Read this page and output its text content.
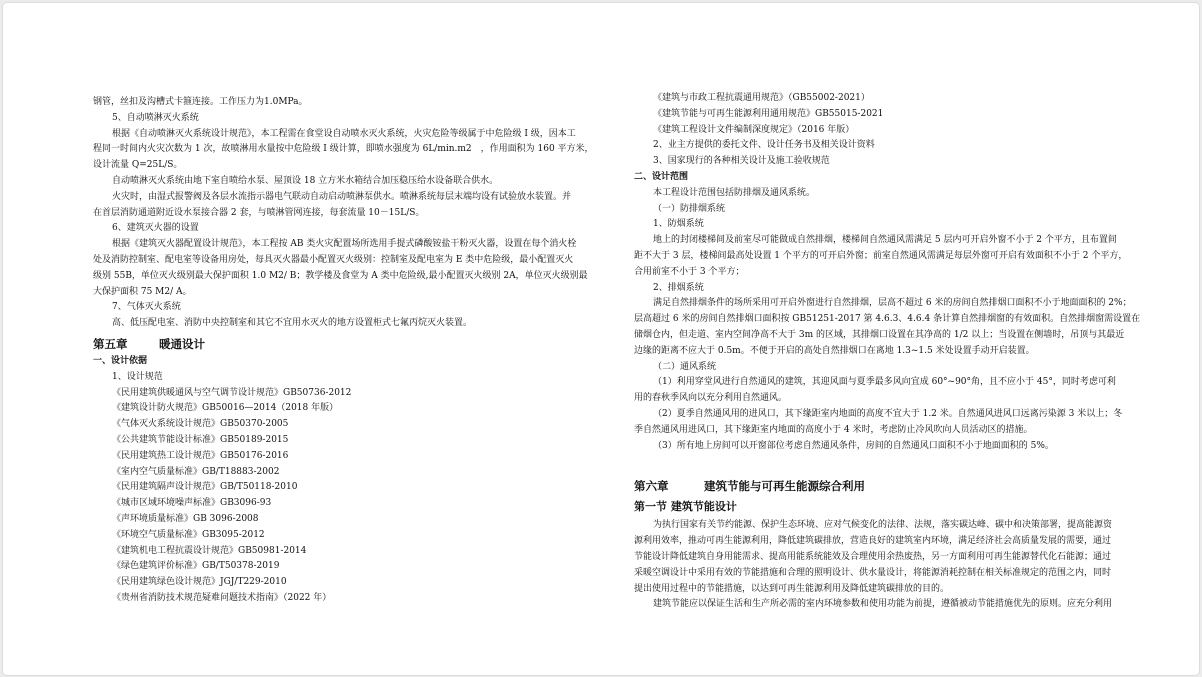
钢管，丝扣及沟槽式卡箍连接。工作压力为1.0MPa。
5、自动喷淋灭火系统
根据《自动喷淋灭火系统设计规范》，本工程需在食堂设自动喷水灭火系统，火灾危险等级属于中危险级 I 级，因本工
程同一时间内火灾次数为 1 次，故喷淋用水量按中危险级 I 级计算，即喷水强度为 6L/min.m2　，作用面积为 160 平方米，
设计流量 Q=25L/S。
自动喷淋灭火系统由地下室自喷给水泵、屋顶设 18 立方米水箱结合加压稳压给水设备联合供水。
火灾时，由湿式报警阀及各层水流指示器电气联动自动启动喷淋泵供水。喷淋系统每层末端均设有试验放水装置。并
在首层消防通道附近设水泵接合器 2 套，与喷淋管网连接，每套流量 10－15L/S。
6、建筑灭火器的设置
根据《建筑灭火器配置设计规范》，本工程按 AB 类火灾配置场所选用手提式磷酸铵盐干粉灭火器，设置在每个消火栓
处及消防控制室、配电室等设备用房处，每具灭火器最小配置灭火级别：控制室及配电室为 E 类中危险级，最小配置灭火
级别 55B，单位灭火级别最大保护面积 1.0 M2/ B；教学楼及食堂为 A 类中危险级,最小配置灭火级别 2A，单位灭火级别最
大保护面积 75 M2/ A。
7、气体灭火系统
高、低压配电室、消防中央控制室和其它不宜用水灭火的地方设置柜式七氟丙烷灭火装置。
第五章	暖通设计
一、设计依据
1、设计规范
《民用建筑供暖通风与空气调节设计规范》GB50736-2012
《建筑设计防火规范》GB50016—2014（2018 年版）
《气体灭火系统设计规范》GB50370-2005
《公共建筑节能设计标准》GB50189-2015
《民用建筑热工设计规范》GB50176-2016
《室内空气质量标准》GB/T18883-2002
《民用建筑隔声设计规范》GB/T50118-2010
《城市区域环境噪声标准》GB3096-93
《声环境质量标准》GB 3096-2008
《环境空气质量标准》GB3095-2012
《建筑机电工程抗震设计规范》GB50981-2014
《绿色建筑评价标准》GB/T50378-2019
《民用建筑绿色设计规范》JGJ/T229-2010
《贵州省消防技术规范疑难问题技术指南》（2022 年）
《建筑与市政工程抗震通用规范》（GB55002-2021）
《建筑节能与可再生能源利用通用规范》GB55015-2021
《建筑工程设计文件编制深度规定》（2016 年版）
2、业主方提供的委托文件、设计任务书及相关设计资料
3、国家现行的各种相关设计及施工验收规范
二、设计范围
本工程设计范围包括防排烟及通风系统。
（一）防排烟系统
1、防烟系统
地上的封闭楼梯间及前室尽可能做成自然排烟，楼梯间自然通风需满足 5 层内可开启外窗不小于 2 个平方，且布置间
距不大于 3 层，楼梯间最高处设置 1 个平方的可开启外窗；前室自然通风需满足每层外窗可开启有效面积不小于 2 个平方，
合用前室不小于 3 个平方；
2、排烟系统
满足自然排烟条件的场所采用可开启外窗进行自然排烟，层高不超过 6 米的房间自然排烟口面积不小于地面面积的 2%；
层高超过 6 米的房间自然排烟口面积按 GB51251-2017 第 4.6.3、4.6.4 条计算自然排烟窗的有效面积。自然排烟窗需设置在
储烟仓内，但走道、室内空间净高不大于 3m 的区域，其排烟口设置在其净高的 1/2 以上；当设置在侧墙时，吊顶与其最近
边缘的距离不应大于 0.5m。不便于开启的高处自然排烟口在离地 1.3~1.5 米处设置手动开启装置。
（二）通风系统
（1）利用穿堂风进行自然通风的建筑，其迎风面与夏季最多风向宜成 60°~90°角，且不应小于 45°，同时考虑可利
用的春秋季风向以充分利用自然通风。
（2）夏季自然通风用的进风口，其下缘距室内地面的高度不宜大于 1.2 米。自然通风进风口远离污染源 3 米以上；冬
季自然通风用进风口，其下缘距室内地面的高度小于 4 米时，考虑防止冷风吹向人员活动区的措施。
（3）所有地上房间可以开窗部位考虑自然通风条件，房间的自然通风口面积不小于地面面积的 5%。
第六章	建筑节能与可再生能源综合利用
第一节 建筑节能设计
为执行国家有关节约能源、保护生态环境、应对气候变化的法律、法规，落实碳达峰、碳中和决策部署，提高能源资
源利用效率，推动可再生能源利用，降低建筑碳排放，营造良好的建筑室内环境，满足经济社会高质量发展的需要，通过
节能设计降低建筑自身用能需求、提高用能系统能效及合理使用余热废热，另一方面利用可再生能源替代化石能源；通过
采暖空调设计中采用有效的节能措施和合理的照明设计、供水量设计，将能源消耗控制在相关标准规定的范围之内，同时
提出使用过程中的节能措施，以达到可再生能源利用及降低建筑碳排放的目的。
建筑节能应以保证生活和生产所必需的室内环境参数和使用功能为前提，遵循被动节能措施优先的原则。应充分利用
